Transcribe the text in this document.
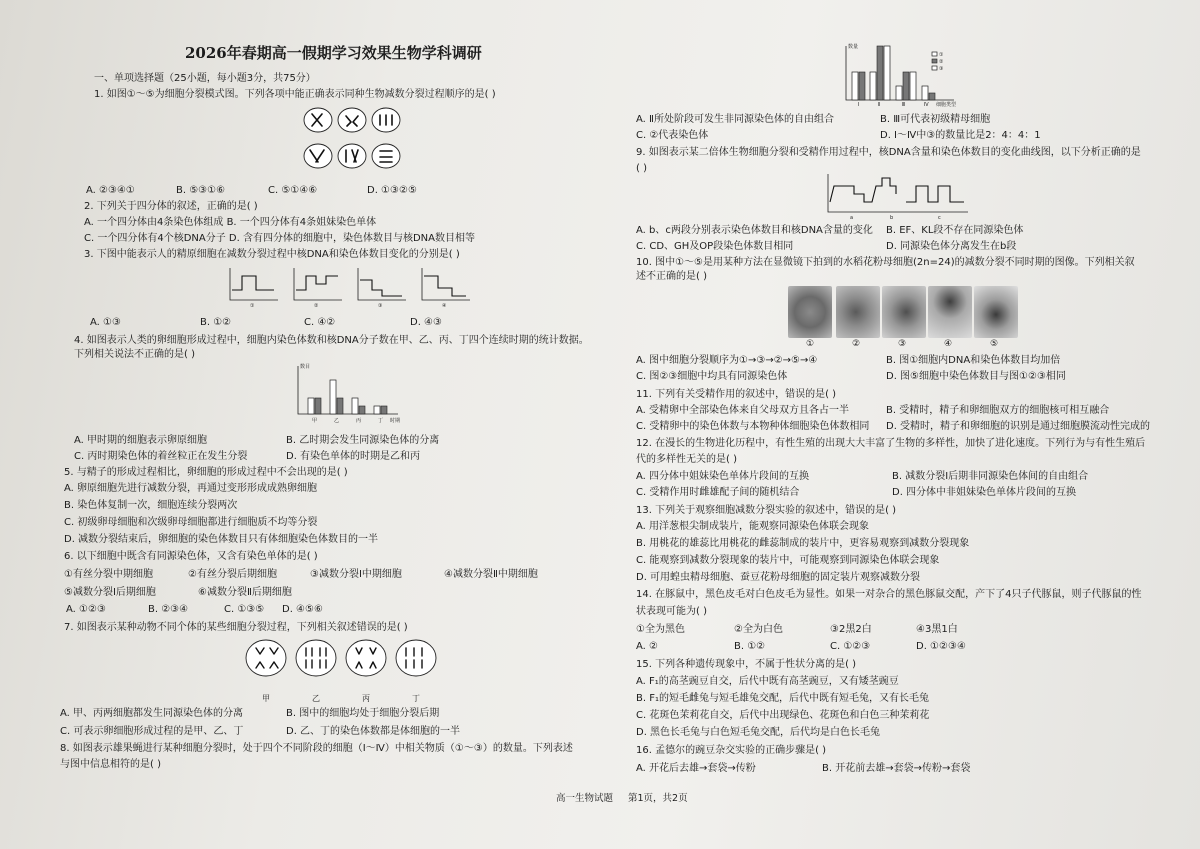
2026年春期高一假期学习效果生物学科调研
一、单项选择题（25小题，每小题3分，共75分）
1. 如图①～⑤为细胞分裂模式图。下列各项中能正确表示同种生物减数分裂过程顺序的是( )
A. ②③④①	B. ⑤③①⑥	C. ⑤①④⑥	D. ①③②⑤
2. 下列关于四分体的叙述，正确的是( )
A. 一个四分体由4条染色体组成 B. 一个四分体有4条姐妹染色单体
C. 一个四分体有4个核DNA分子 D. 含有四分体的细胞中，染色体数目与核DNA数目相等
3. 下图中能表示人的精原细胞在减数分裂过程中核DNA和染色体数目变化的分别是( )
①	②	③	④
A. ①③	B. ①②	C. ④②	D. ④③
4. 如图表示人类的卵细胞形成过程中，细胞内染色体数和核DNA分子数在甲、乙、丙、丁四个连续时期的统计数据。
下列相关说法不正确的是( )
数目
甲	乙	丙	丁 时期
A. 甲时期的细胞表示卵原细胞	B. 乙时期会发生同源染色体的分离
C. 丙时期染色体的着丝粒正在发生分裂	D. 有染色单体的时期是乙和丙
5. 与精子的形成过程相比，卵细胞的形成过程中不会出现的是( )
A. 卵原细胞先进行减数分裂，再通过变形形成成熟卵细胞
B. 染色体复制一次，细胞连续分裂两次
C. 初级卵母细胞和次级卵母细胞都进行细胞质不均等分裂
D. 减数分裂结束后，卵细胞的染色体数目只有体细胞染色体数目的一半
6. 以下细胞中既含有同源染色体，又含有染色单体的是( )
①有丝分裂中期细胞	②有丝分裂后期细胞	③减数分裂Ⅰ中期细胞	④减数分裂Ⅱ中期细胞
⑤减数分裂Ⅰ后期细胞	⑥减数分裂Ⅱ后期细胞
A. ①②③	B. ②③④	C. ①③⑤ D. ④⑤⑥
7. 如图表示某种动物不同个体的某些细胞分裂过程，下列相关叙述错误的是( )
甲	乙	丙	丁
A. 甲、丙两细胞都发生同源染色体的分离	B. 图中的细胞均处于细胞分裂后期
C. 可表示卵细胞形成过程的是甲、乙、丁	D. 乙、丁的染色体数都是体细胞的一半
8. 如图表示雄果蝇进行某种细胞分裂时，处于四个不同阶段的细胞（Ⅰ～Ⅳ）中相关物质（①～③）的数量。下列表述
与图中信息相符的是( )
数量
①
②
③
Ⅰ	Ⅱ	Ⅲ	Ⅳ 细胞类型
A. Ⅱ所处阶段可发生非同源染色体的自由组合	B. Ⅲ可代表初级精母细胞
C. ②代表染色体	D. Ⅰ～Ⅳ中③的数量比是2：4：4：1
9. 如图表示某二倍体生物细胞分裂和受精作用过程中，核DNA含量和染色体数目的变化曲线图，以下分析正确的是
( )
a	b	c
A. b、c两段分别表示染色体数目和核DNA含量的变化 B. EF、KL段不存在同源染色体
C. CD、GH及OP段染色体数目相同	D. 同源染色体分离发生在b段
10. 图中①～⑤是用某种方法在显微镜下拍到的水稻花粉母细胞(2n=24)的减数分裂不同时期的图像。下列相关叙
述不正确的是( )
①	②	③	④	⑤
A. 图中细胞分裂顺序为①→③→②→⑤→④	B. 图①细胞内DNA和染色体数目均加倍
C. 图②③细胞中均具有同源染色体	D. 图⑤细胞中染色体数目与图①②③相同
11. 下列有关受精作用的叙述中，错误的是( )
A. 受精卵中全部染色体来自父母双方且各占一半	B. 受精时，精子和卵细胞双方的细胞核可相互融合
C. 受精卵中的染色体数与本物种体细胞染色体数相同 D. 受精时，精子和卵细胞的识别是通过细胞膜流动性完成的
12. 在漫长的生物进化历程中，有性生殖的出现大大丰富了生物的多样性，加快了进化速度。下列行为与有性生殖后
代的多样性无关的是( )
A. 四分体中姐妹染色单体片段间的互换	B. 减数分裂Ⅰ后期非同源染色体间的自由组合
C. 受精作用时雌雄配子间的随机结合	D. 四分体中非姐妹染色单体片段间的互换
13. 下列关于观察细胞减数分裂实验的叙述中，错误的是( )
A. 用洋葱根尖制成装片，能观察同源染色体联会现象
B. 用桃花的雄蕊比用桃花的雌蕊制成的装片中，更容易观察到减数分裂现象
C. 能观察到减数分裂现象的装片中，可能观察到同源染色体联会现象
D. 可用蝗虫精母细胞、蚕豆花粉母细胞的固定装片观察减数分裂
14. 在豚鼠中，黑色皮毛对白色皮毛为显性。如果一对杂合的黑色豚鼠交配，产下了4只子代豚鼠，则子代豚鼠的性
状表现可能为( )
①全为黑色	②全为白色	③2黑2白	④3黑1白
A. ②	B. ①②	C. ①②③	D. ①②③④
15. 下列各种遗传现象中，不属于性状分离的是( )
A. F₁的高茎豌豆自交，后代中既有高茎豌豆，又有矮茎豌豆
B. F₁的短毛雌兔与短毛雄兔交配，后代中既有短毛兔，又有长毛兔
C. 花斑色茉莉花自交，后代中出现绿色、花斑色和白色三种茉莉花
D. 黑色长毛兔与白色短毛兔交配，后代均是白色长毛兔
16. 孟德尔的豌豆杂交实验的正确步骤是( )
A. 开花后去雄→套袋→传粉	B. 开花前去雄→套袋→传粉→套袋
高一生物试题 第1页，共2页
